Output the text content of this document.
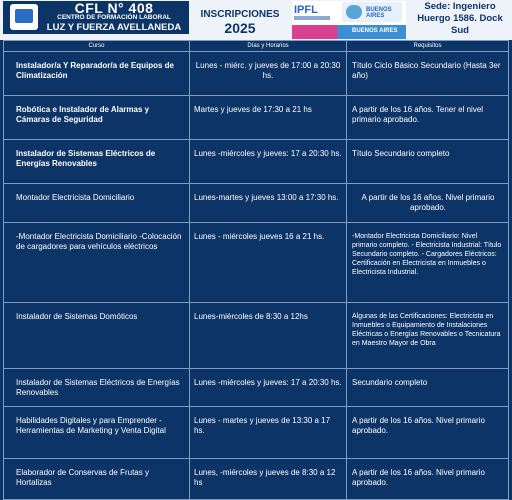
CFL N° 408
CENTRO DE FORMACIÓN LABORAL
LUZ Y FUERZA AVELLANEDA
INSCRIPCIONES
2025
IPFL	BUENOS AIRES
BUENOS AIRES
Sede: Ingeniero Huergo 1586. Dock Sud
Curso	Días y Horarios	Requisitos
Instalador/a Y Reparador/a de Equipos de Climatización	Lunes - miérc. y jueves de 17:00 a 20:30 hs.	Título Ciclo Básico Secundario (Hasta 3er año)
Robótica e Instalador de Alarmas y Cámaras de Seguridad	Martes y jueves de 17:30 a 21 hs	A partir de los 16 años. Tener el nivel primario aprobado.
Instalador de Sistemas Eléctricos de Energías Renovables	Lunes -miércoles y jueves: 17 a 20:30 hs.	Título Secundario completo
Montador Electricista Domiciliario	Lunes-martes y jueves 13:00 a 17:30 hs.	A partir de los 16 años. Nivel primario aprobado.
-Montador Electricista Domiciliario -Colocación de cargadores para vehículos eléctricos	Lunes - miércoles jueves 16 a 21 hs.	-Montador Electricista Domiciliario: Nivel primario completo. - Electricista Industrial: Título Secundario completo. - Cargadores Eléctricos: Certificación en Electricista en Inmuebles o Electricista Industrial.
Instalador de Sistemas Domóticos	Lunes-miércoles de 8:30 a 12hs	Algunas de las Certificaciones: Electricista en Inmuebles o Equipamiento de Instalaciones Eléctricas o Energías Renovables o Tecnicatura en Maestro Mayor de Obra
Instalador de Sistemas Eléctricos de Energías Renovables	Lunes -miércoles y jueves: 17 a 20:30 hs.	Secundario completo
Habilidades Digitales y para Emprender - Herramientas de Marketing y Venta Digital	Lunes - martes y jueves de 13:30 a 17 hs.	A partir de los 16 años. Nivel primario aprobado.
Elaborador de Conservas de Frutas y Hortalizas	Lunes, -miércoles y jueves de 8:30 a 12 hs	A partir de los 16 años. Nivel primario aprobado.
